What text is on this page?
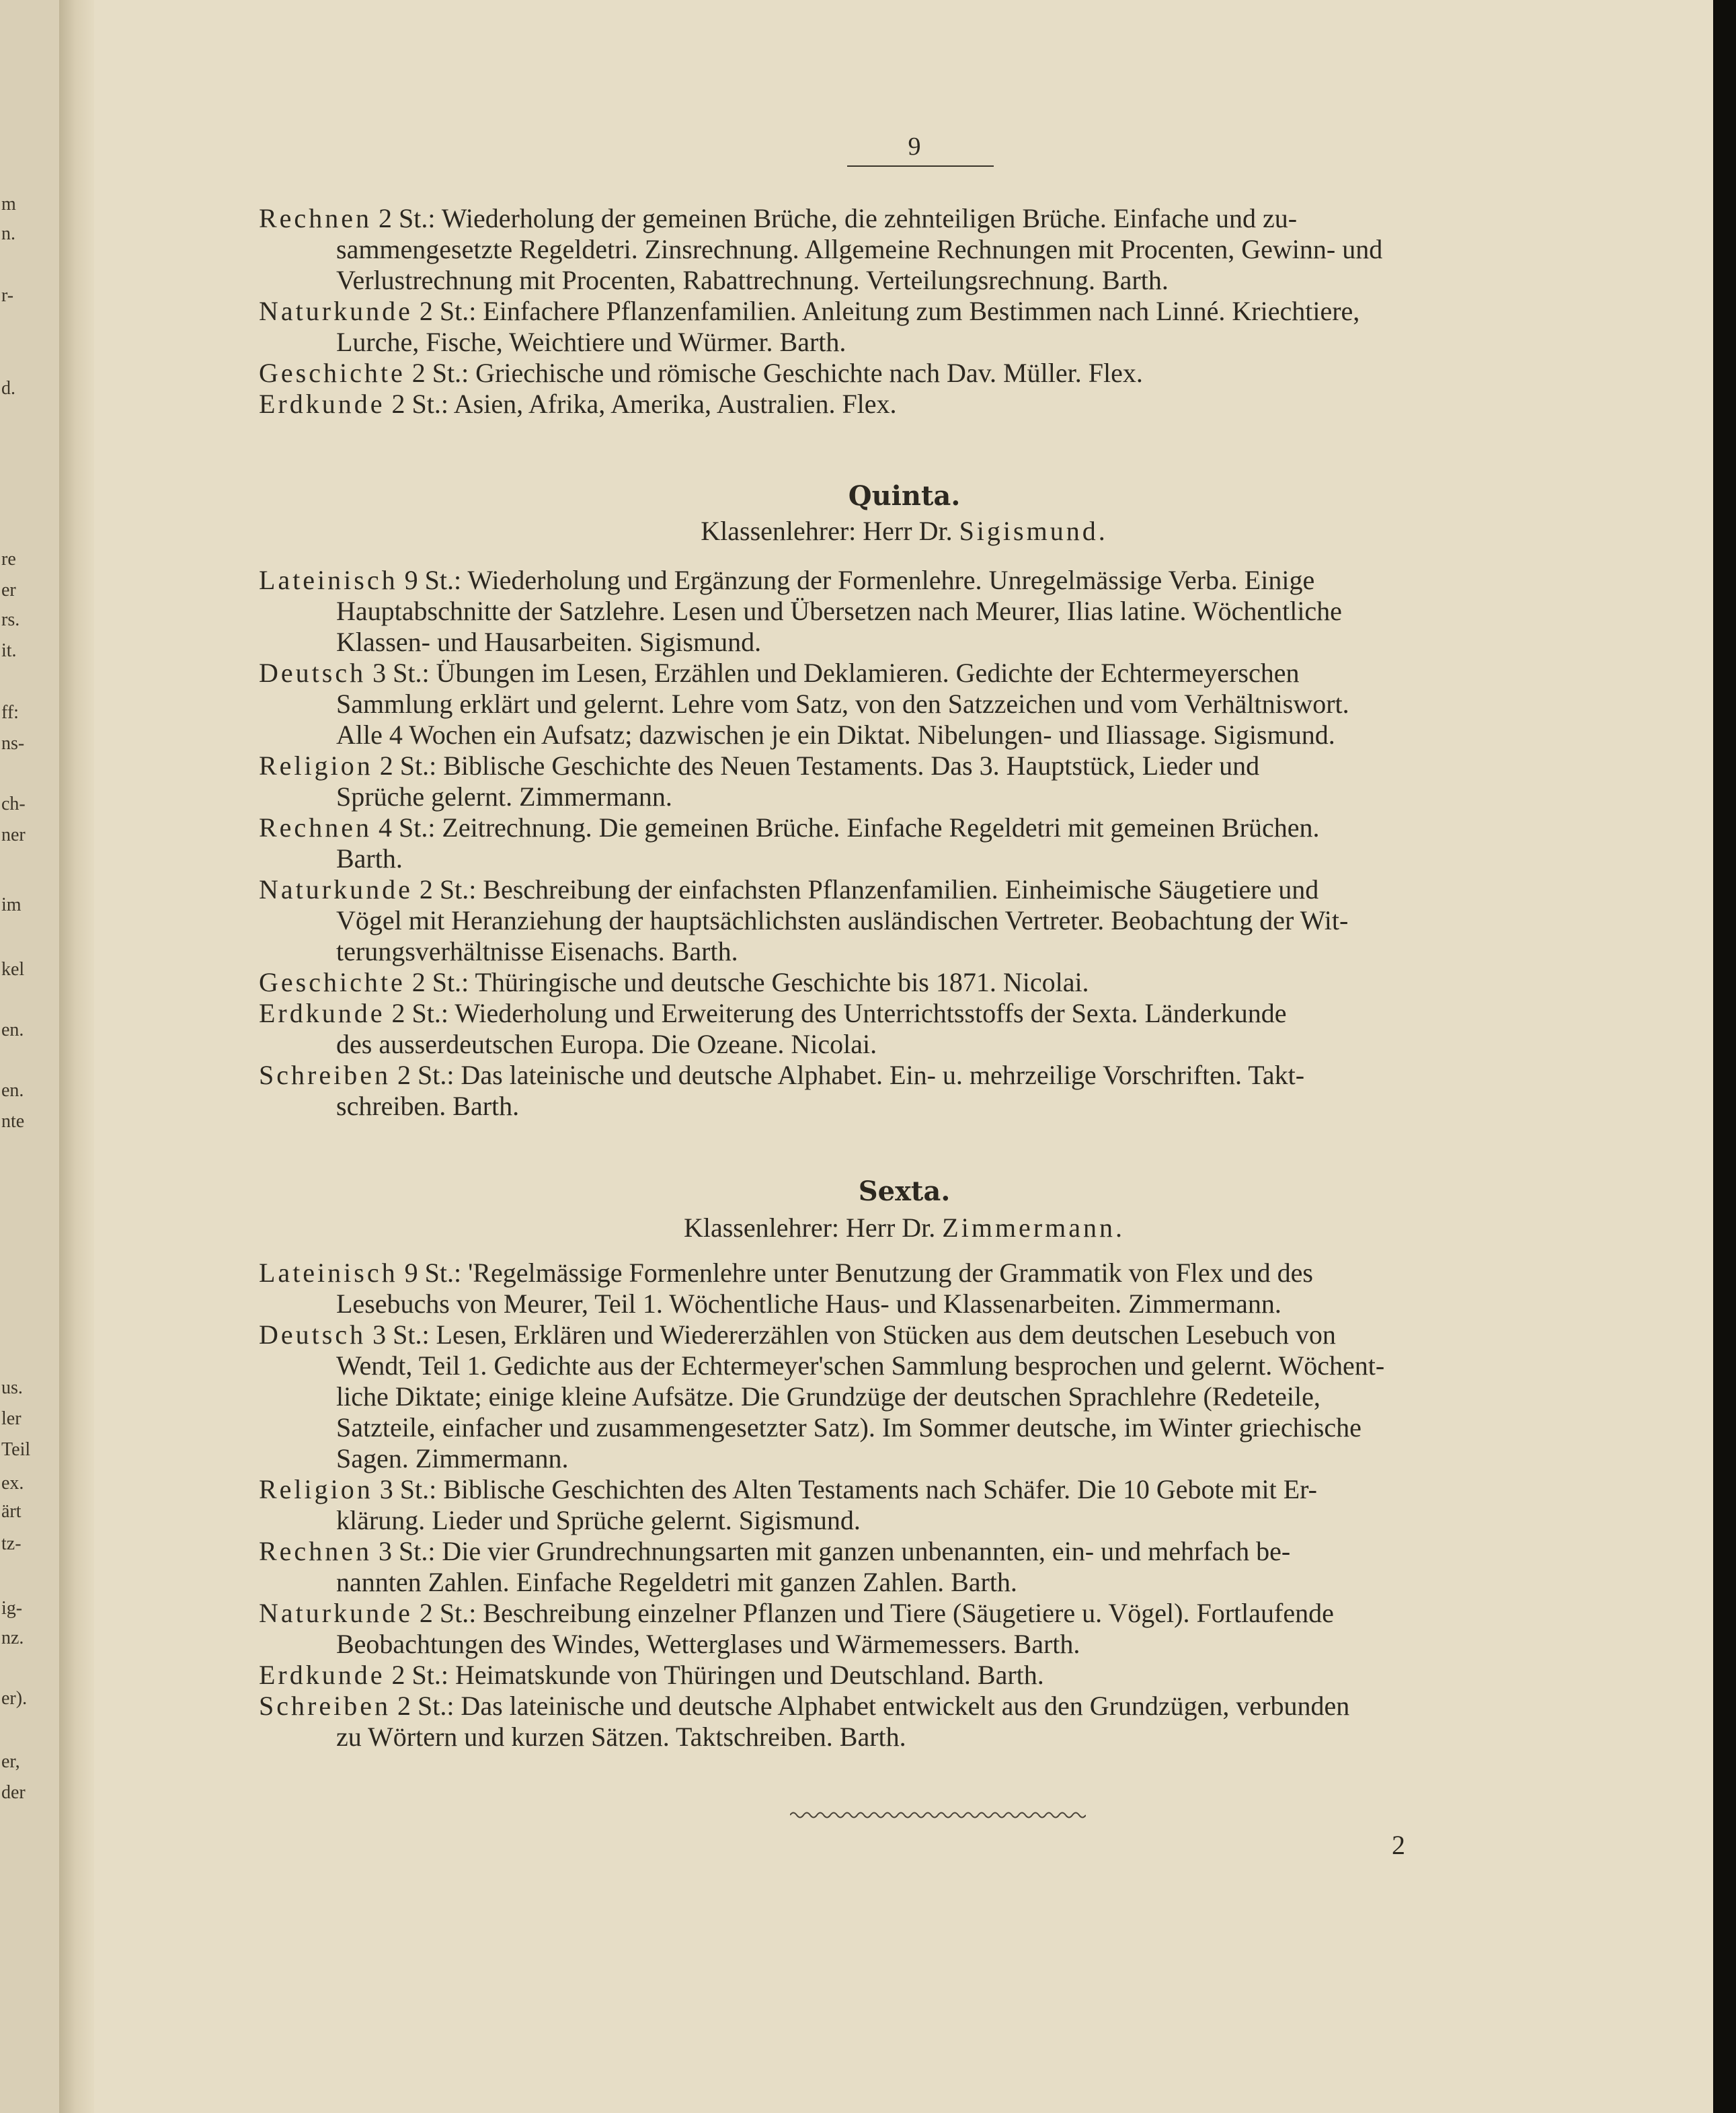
m
n.
r-
d.
re
er
rs.
it.
ff:
ns-
ch-
ner
im
kel
en.
en.
nte
us.
ler
Teil
ex.
ärt
tz-
ig-
nz.
er).
er,
der
9
Rechnen 2 St.: Wiederholung der gemeinen Brüche, die zehnteiligen Brüche. Einfache und zu-
sammengesetzte Regeldetri. Zinsrechnung. Allgemeine Rechnungen mit Procenten, Gewinn- und
Verlustrechnung mit Procenten, Rabattrechnung. Verteilungsrechnung. Barth.
Naturkunde 2 St.: Einfachere Pflanzenfamilien. Anleitung zum Bestimmen nach Linné. Kriechtiere,
Lurche, Fische, Weichtiere und Würmer. Barth.
Geschichte 2 St.: Griechische und römische Geschichte nach Dav. Müller. Flex.
Erdkunde 2 St.: Asien, Afrika, Amerika, Australien. Flex.
Quinta.
Klassenlehrer: Herr Dr. Sigismund.
Lateinisch 9 St.: Wiederholung und Ergänzung der Formenlehre. Unregelmässige Verba. Einige
Hauptabschnitte der Satzlehre. Lesen und Übersetzen nach Meurer, Ilias latine. Wöchentliche
Klassen- und Hausarbeiten. Sigismund.
Deutsch 3 St.: Übungen im Lesen, Erzählen und Deklamieren. Gedichte der Echtermeyerschen
Sammlung erklärt und gelernt. Lehre vom Satz, von den Satzzeichen und vom Verhältniswort.
Alle 4 Wochen ein Aufsatz; dazwischen je ein Diktat. Nibelungen- und Iliassage. Sigismund.
Religion 2 St.: Biblische Geschichte des Neuen Testaments. Das 3. Hauptstück, Lieder und
Sprüche gelernt. Zimmermann.
Rechnen 4 St.: Zeitrechnung. Die gemeinen Brüche. Einfache Regeldetri mit gemeinen Brüchen.
Barth.
Naturkunde 2 St.: Beschreibung der einfachsten Pflanzenfamilien. Einheimische Säugetiere und
Vögel mit Heranziehung der hauptsächlichsten ausländischen Vertreter. Beobachtung der Wit-
terungsverhältnisse Eisenachs. Barth.
Geschichte 2 St.: Thüringische und deutsche Geschichte bis 1871. Nicolai.
Erdkunde 2 St.: Wiederholung und Erweiterung des Unterrichtsstoffs der Sexta. Länderkunde
des ausserdeutschen Europa. Die Ozeane. Nicolai.
Schreiben 2 St.: Das lateinische und deutsche Alphabet. Ein- u. mehrzeilige Vorschriften. Takt-
schreiben. Barth.
Sexta.
Klassenlehrer: Herr Dr. Zimmermann.
Lateinisch 9 St.: 'Regelmässige Formenlehre unter Benutzung der Grammatik von Flex und des
Lesebuchs von Meurer, Teil 1. Wöchentliche Haus- und Klassenarbeiten. Zimmermann.
Deutsch 3 St.: Lesen, Erklären und Wiedererzählen von Stücken aus dem deutschen Lesebuch von
Wendt, Teil 1. Gedichte aus der Echtermeyer'schen Sammlung besprochen und gelernt. Wöchent-
liche Diktate; einige kleine Aufsätze. Die Grundzüge der deutschen Sprachlehre (Redeteile,
Satzteile, einfacher und zusammengesetzter Satz). Im Sommer deutsche, im Winter griechische
Sagen. Zimmermann.
Religion 3 St.: Biblische Geschichten des Alten Testaments nach Schäfer. Die 10 Gebote mit Er-
klärung. Lieder und Sprüche gelernt. Sigismund.
Rechnen 3 St.: Die vier Grundrechnungsarten mit ganzen unbenannten, ein- und mehrfach be-
nannten Zahlen. Einfache Regeldetri mit ganzen Zahlen. Barth.
Naturkunde 2 St.: Beschreibung einzelner Pflanzen und Tiere (Säugetiere u. Vögel). Fortlaufende
Beobachtungen des Windes, Wetterglases und Wärmemessers. Barth.
Erdkunde 2 St.: Heimatskunde von Thüringen und Deutschland. Barth.
Schreiben 2 St.: Das lateinische und deutsche Alphabet entwickelt aus den Grundzügen, verbunden
zu Wörtern und kurzen Sätzen. Taktschreiben. Barth.
2
